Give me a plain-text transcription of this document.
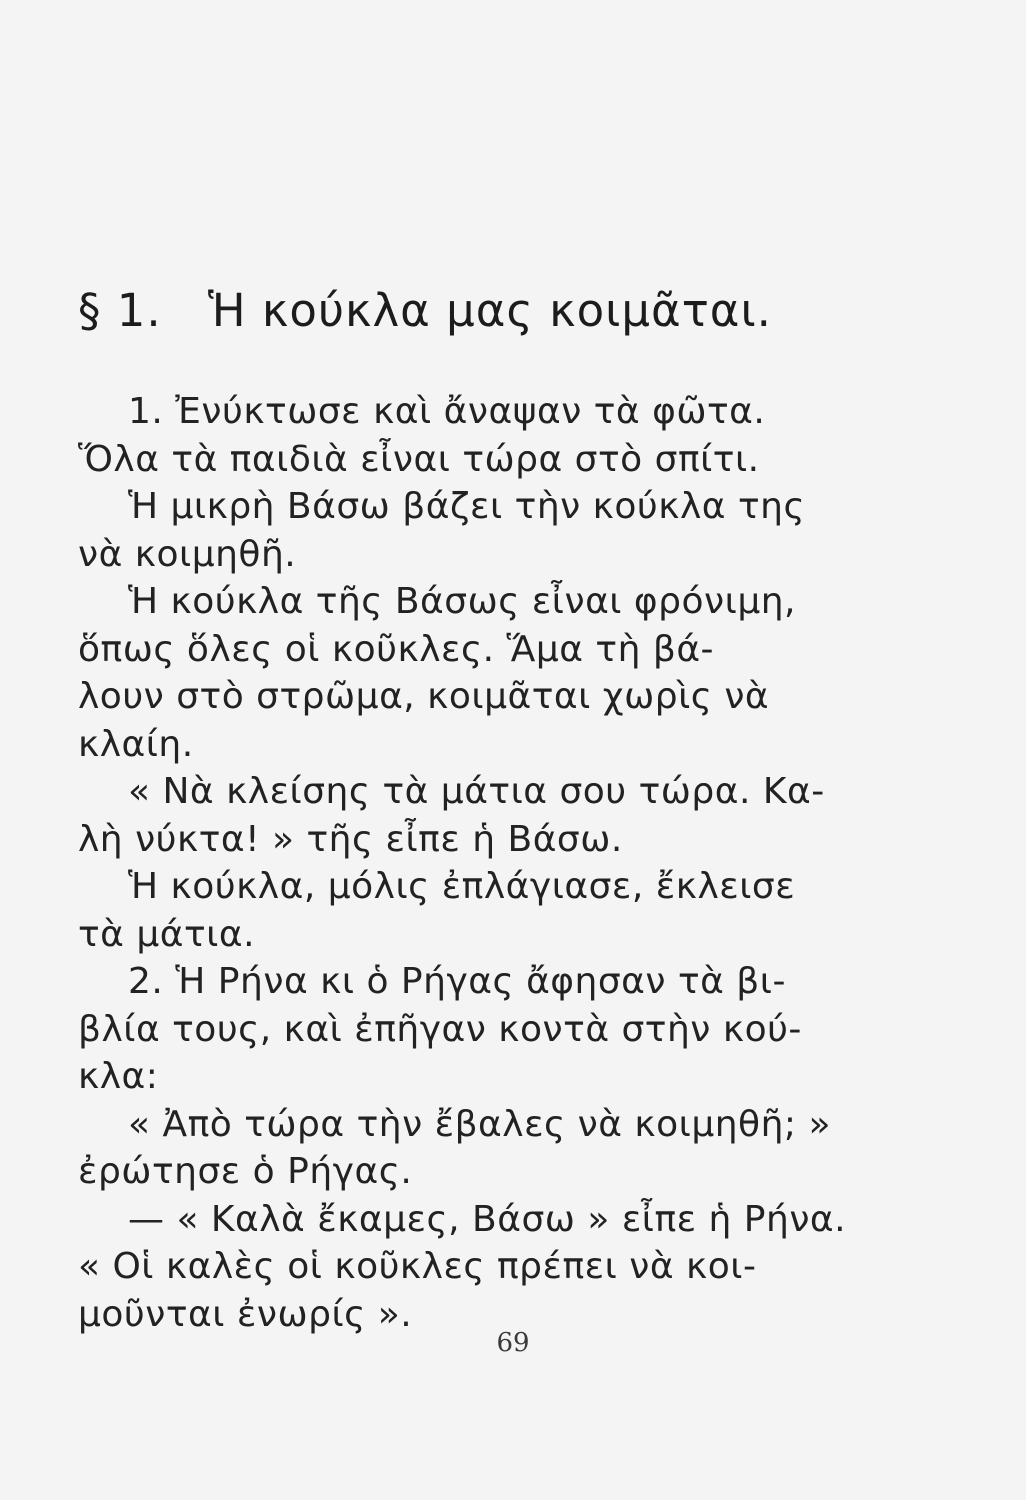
§ 1. Ἡ κούκλα μας κοιμᾶται.
1. Ἐνύκτωσε καὶ ἄναψαν τὰ φῶτα.
Ὅλα τὰ παιδιὰ εἶναι τώρα στὸ σπίτι.
Ἡ μικρὴ Βάσω βάζει τὴν κούκλα της
νὰ κοιμηθῆ.
Ἡ κούκλα τῆς Βάσως εἶναι φρόνιμη,
ὅπως ὅλες οἱ κοῦκλες. Ἅμα τὴ βά-
λουν στὸ στρῶμα, κοιμᾶται χωρὶς νὰ
κλαίη.
« Νὰ κλείσης τὰ μάτια σου τώρα. Κα-
λὴ νύκτα! » τῆς εἶπε ἡ Βάσω.
Ἡ κούκλα, μόλις ἐπλάγιασε, ἔκλεισε
τὰ μάτια.
2. Ἡ Ρήνα κι ὁ Ρήγας ἄφησαν τὰ βι-
βλία τους, καὶ ἐπῆγαν κοντὰ στὴν κού-
κλα:
« Ἀπὸ τώρα τὴν ἔβαλες νὰ κοιμηθῆ; »
ἐρώτησε ὁ Ρήγας.
— « Καλὰ ἔκαμες, Βάσω » εἶπε ἡ Ρήνα.
« Οἱ καλὲς οἱ κοῦκλες πρέπει νὰ κοι-
μοῦνται ἐνωρίς ».
69
